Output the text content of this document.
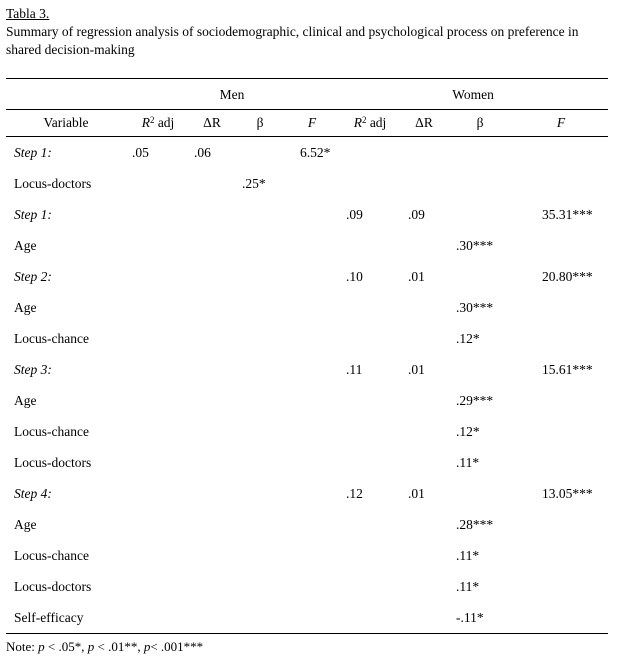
Tabla 3.
Summary of regression analysis of sociodemographic, clinical and psychological process on preference in shared decision-making
	Men				Women			
Variable	$R^2$ adj	ΔR	β	F	$R^2$ adj	ΔR	β	F
Step 1:	.05	.06		6.52*				
Locus-doctors			.25*					
Step 1:					.09	.09		35.31***
Age							.30***	
Step 2:					.10	.01		20.80***
Age							.30***	
Locus-chance							.12*	
Step 3:					.11	.01		15.61***
Age							.29***	
Locus-chance							.12*	
Locus-doctors							.11*	
Step 4:					.12	.01		13.05***
Age							.28***	
Locus-chance							.11*	
Locus-doctors							.11*	
Self-efficacy							-.11*	
Note: p < .05*, p < .01**, p< .001***
